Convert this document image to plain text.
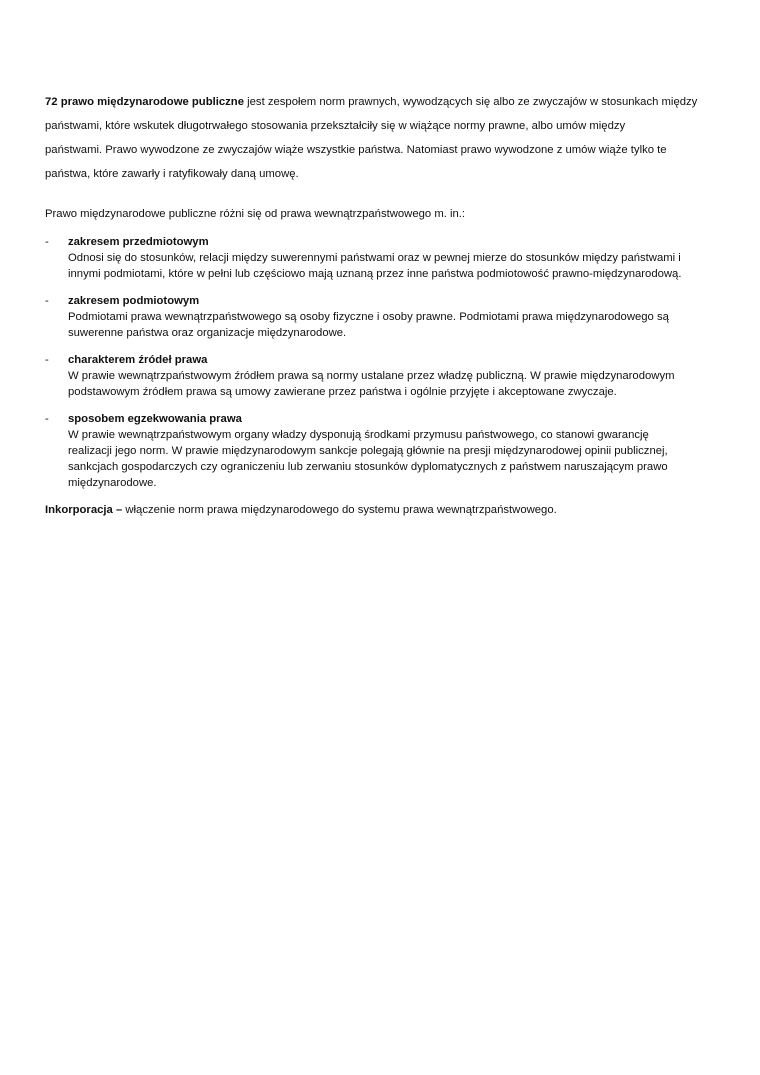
72 prawo międzynarodowe publiczne jest zespołem norm prawnych, wywodzących się albo ze zwyczajów w stosunkach między
państwami, które wskutek długotrwałego stosowania przekształciły się w wiążące normy prawne, albo umów między
państwami. Prawo wywodzone ze zwyczajów wiąże wszystkie państwa. Natomiast prawo wywodzone z umów wiąże tylko te
państwa, które zawarły i ratyfikowały daną umowę.

Prawo międzynarodowe publiczne różni się od prawa wewnątrzpaństwowego m. in.:

- zakresem przedmiotowym
Odnosi się do stosunków, relacji między suwerennymi państwami oraz w pewnej mierze do stosunków między państwami i
innymi podmiotami, które w pełni lub częściowo mają uznaną przez inne państwa podmiotowość prawno-międzynarodową.
- zakresem podmiotowym
Podmiotami prawa wewnątrzpaństwowego są osoby fizyczne i osoby prawne. Podmiotami prawa międzynarodowego są
suwerenne państwa oraz organizacje międzynarodowe.
- charakterem źródeł prawa
W prawie wewnątrzpaństwowym źródłem prawa są normy ustalane przez władzę publiczną. W prawie międzynarodowym
podstawowym źródłem prawa są umowy zawierane przez państwa i ogólnie przyjęte i akceptowane zwyczaje.
- sposobem egzekwowania prawa
W prawie wewnątrzpaństwowym organy władzy dysponują środkami przymusu państwowego, co stanowi gwarancję
realizacji jego norm. W prawie międzynarodowym sankcje polegają głównie na presji międzynarodowej opinii publicznej,
sankcjach gospodarczych czy ograniczeniu lub zerwaniu stosunków dyplomatycznych z państwem naruszającym prawo
międzynarodowe.

Inkorporacja – włączenie norm prawa międzynarodowego do systemu prawa wewnątrzpaństwowego.
